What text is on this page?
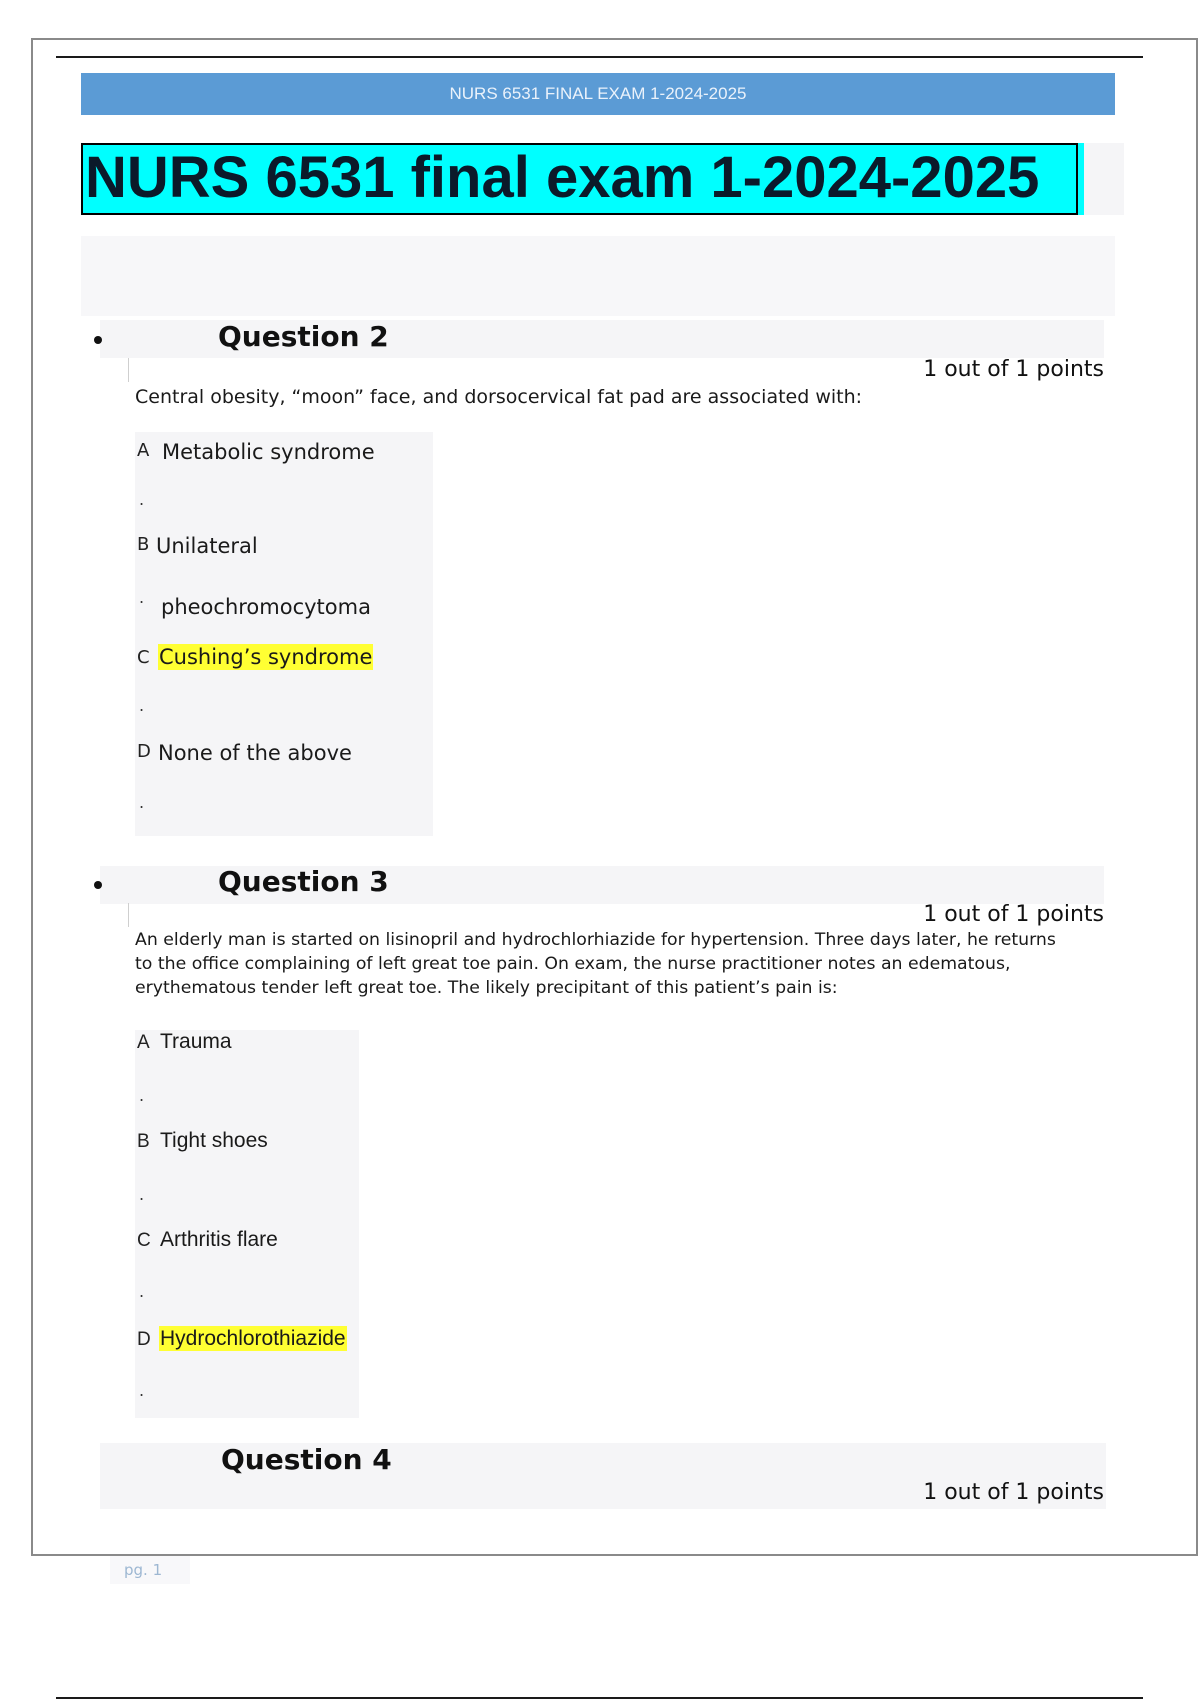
NURS 6531 FINAL EXAM 1-2024-2025
NURS 6531 final exam 1-2024-2025
Question 2
1 out of 1 points
Central obesity, “moon” face, and dorsocervical fat pad are associated with:
A Metabolic syndrome
.
B Unilateral
. pheochromocytoma
C Cushing’s syndrome
.
D None of the above
.
Question 3
1 out of 1 points
An elderly man is started on lisinopril and hydrochlorhiazide for hypertension. Three days later, he returns to the office complaining of left great toe pain. On exam, the nurse practitioner notes an edematous, erythematous tender left great toe. The likely precipitant of this patient’s pain is:
A Trauma
.
B Tight shoes
.
C Arthritis flare
.
D Hydrochlorothiazide
.
Question 4
1 out of 1 points
pg. 1
